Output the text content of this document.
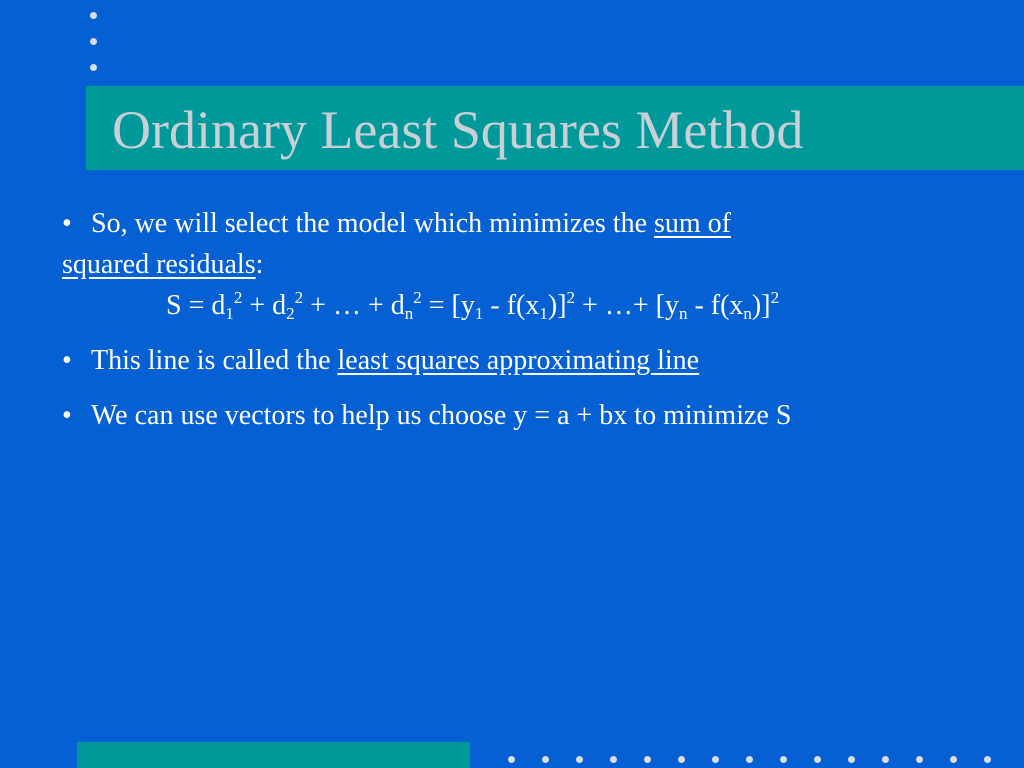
Ordinary Least Squares Method

• So, we will select the model which minimizes the sum of
squared residuals:

$S = d_1^2 + d_2^2$ + … + $d_n^2 = [y_1 - f(x_1)]^2$ + …+ $[y_n - f(x_n)]^2$

• This line is called the least squares approximating line

• We can use vectors to help us choose y = a + bx to minimize S
